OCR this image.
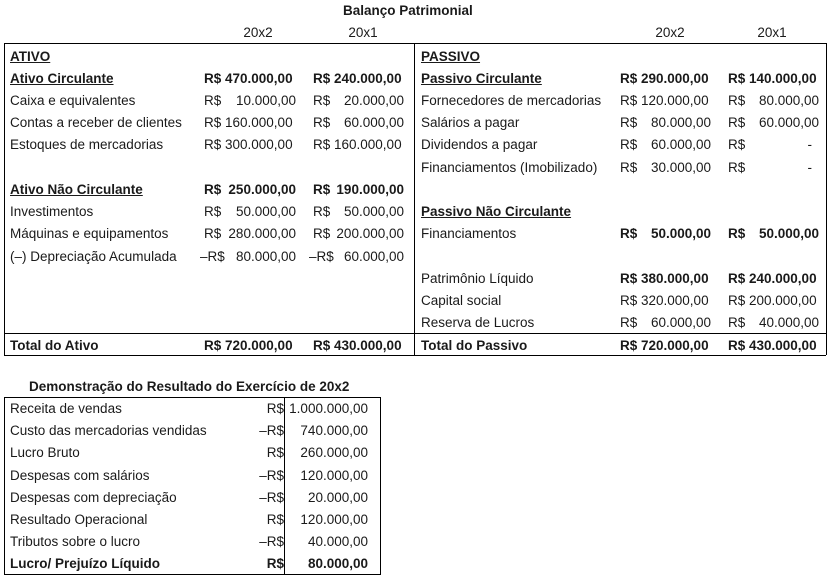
Balanço Patrimonial
20x2	20x1	20x2	20x1
ATIVO
Ativo Circulante	R$ 470.000,00 R$ 240.000,00
Caixa e equivalentes	R$ 10.000,00 R$ 20.000,00
Contas a receber de clientes R$ 160.000,00 R$ 60.000,00
Estoques de mercadorias	R$ 300.000,00 R$ 160.000,00
Ativo Não Circulante	R$ 250.000,00 R$ 190.000,00
Investimentos	R$ 50.000,00 R$ 50.000,00
Máquinas e equipamentos	R$ 280.000,00 R$ 200.000,00
(–) Depreciação Acumulada –R$ 80.000,00 –R$ 60.000,00
Total do Ativo	R$ 720.000,00 R$ 430.000,00
PASSIVO
Passivo Circulante	R$ 290.000,00 R$ 140.000,00
Fornecedores de mercadorias R$ 120.000,00 R$ 80.000,00
Salários a pagar	R$ 80.000,00 R$ 60.000,00
Dividendos a pagar	R$ 60.000,00 R$	-
Financiamentos (Imobilizado) R$ 30.000,00 R$	-
Passivo Não Circulante
Financiamentos	R$ 50.000,00 R$ 50.000,00
Patrimônio Líquido	R$ 380.000,00 R$ 240.000,00
Capital social	R$ 320.000,00 R$ 200.000,00
Reserva de Lucros	R$ 60.000,00 R$ 40.000,00
Total do Passivo	R$ 720.000,00 R$ 430.000,00
Demonstração do Resultado do Exercício de 20x2
Receita de vendas	R$ 1.000.000,00
Custo das mercadorias vendidas	–R$ 740.000,00
Lucro Bruto	R$ 260.000,00
Despesas com salários	–R$ 120.000,00
Despesas com depreciação	–R$ 20.000,00
Resultado Operacional	R$ 120.000,00
Tributos sobre o lucro	–R$ 40.000,00
Lucro/ Prejuízo Líquido	R$ 80.000,00
